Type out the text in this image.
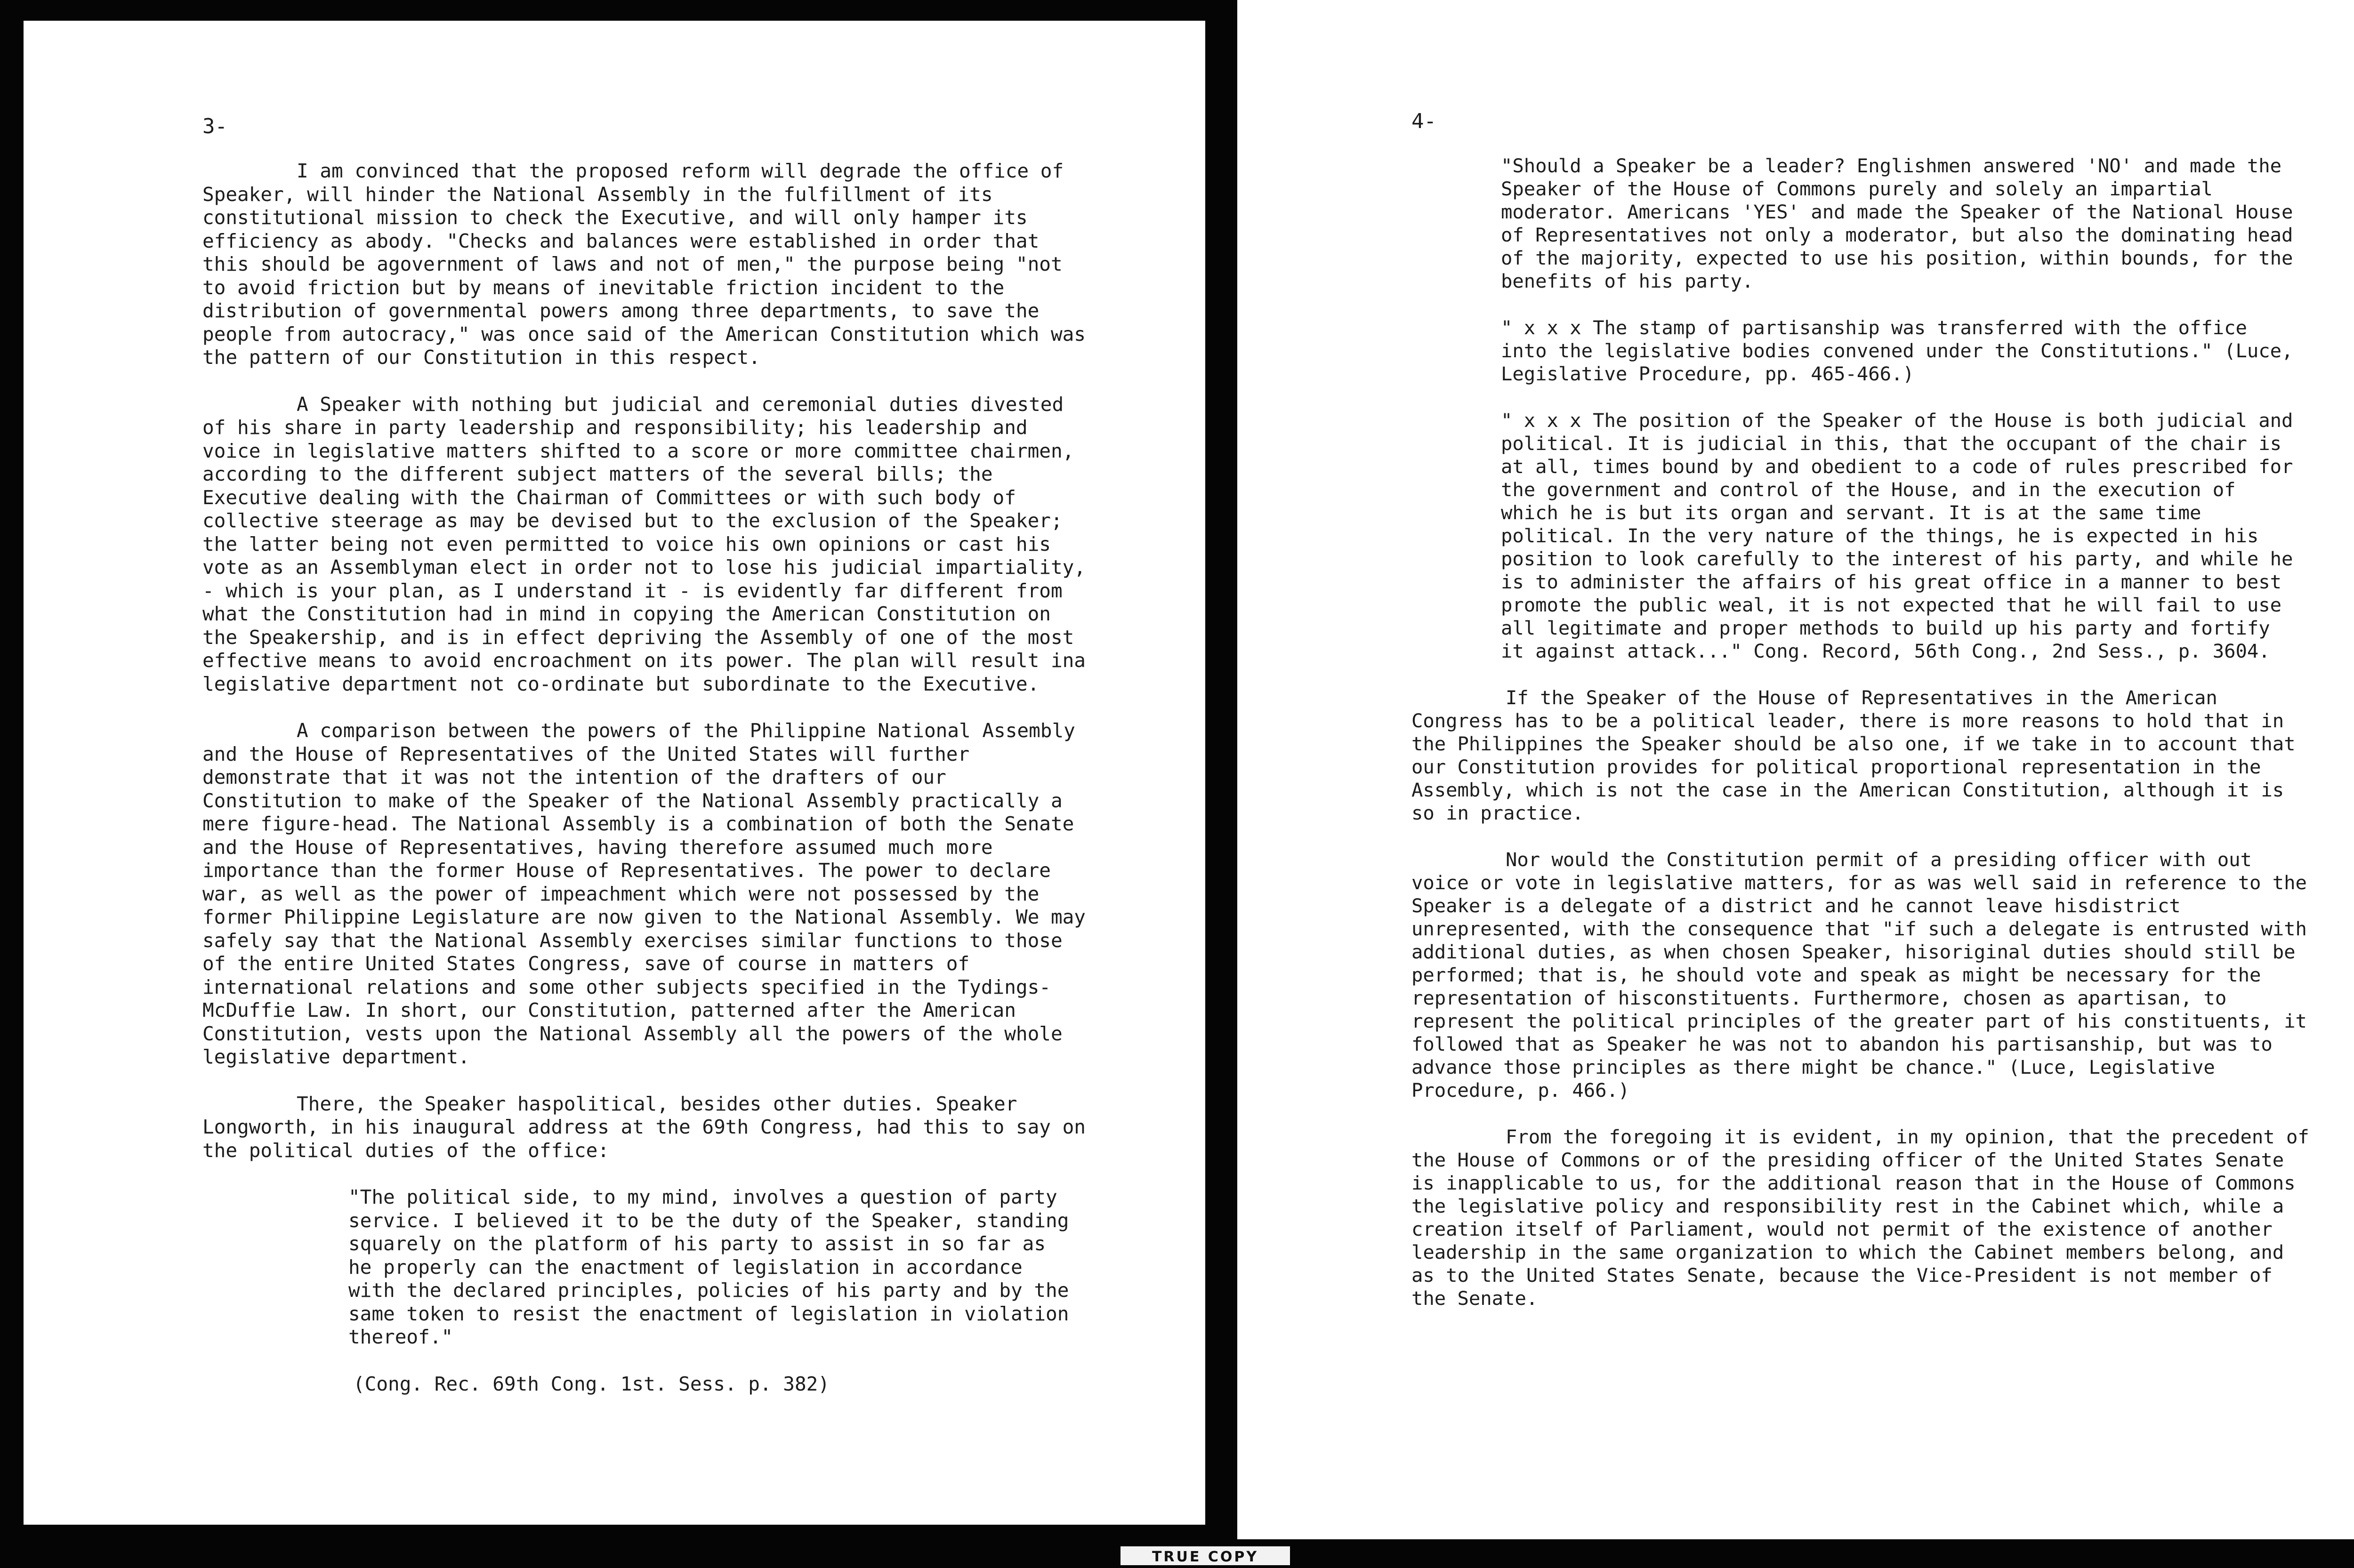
3-

I am convinced that the proposed reform will degrade the office of Speaker, will hinder the National Assembly in the fulfillment of its constitutional mission to check the Executive, and will only hamper its efficiency as abody. "Checks and balances were established in order that this should be agovernment of laws and not of men," the purpose being "not to avoid friction but by means of inevitable friction incident to the distribution of governmental powers among three departments, to save the people from autocracy," was once said of the American Constitution which was the pattern of our Constitution in this respect.

A Speaker with nothing but judicial and ceremonial duties divested of his share in party leadership and responsibility; his leadership and voice in legislative matters shifted to a score or more committee chairmen, according to the different subject matters of the several bills; the Executive dealing with the Chairman of Committees or with such body of collective steerage as may be devised but to the exclusion of the Speaker; the latter being not even permitted to voice his own opinions or cast his vote as an Assemblyman elect in order not to lose his judicial impartiality, - which is your plan, as I understand it - is evidently far different from what the Constitution had in mind in copying the American Constitution on the Speakership, and is in effect depriving the Assembly of one of the most effective means to avoid encroachment on its power. The plan will result ina legislative department not co-ordinate but subordinate to the Executive.

A comparison between the powers of the Philippine National Assembly and the House of Representatives of the United States will further demonstrate that it was not the intention of the drafters of our Constitution to make of the Speaker of the National Assembly practically a mere figure-head. The National Assembly is a combination of both the Senate and the House of Representatives, having therefore assumed much more importance than the former House of Representatives. The power to declare war, as well as the power of impeachment which were not possessed by the former Philippine Legislature are now given to the National Assembly. We may safely say that the National Assembly exercises similar functions to those of the entire United States Congress, save of course in matters of international relations and some other subjects specified in the Tydings-McDuffie Law. In short, our Constitution, patterned after the American Constitution, vests upon the National Assembly all the powers of the whole legislative department.

There, the Speaker haspolitical, besides other duties. Speaker Longworth, in his inaugural address at the 69th Congress, had this to say on the political duties of the office:

"The political side, to my mind, involves a question of party service. I believed it to be the duty of the Speaker, standing squarely on the platform of his party to assist in so far as he properly can the enactment of legislation in accordance with the declared principles, policies of his party and by the same token to resist the enactment of legislation in violation thereof."

(Cong. Rec. 69th Cong. 1st. Sess. p. 382)

4-

"Should a Speaker be a leader? Englishmen answered 'NO' and made the Speaker of the House of Commons purely and solely an impartial moderator. Americans 'YES' and made the Speaker of the National House of Representatives not only a moderator, but also the dominating head of the majority, expected to use his position, within bounds, for the benefits of his party.

" x x x The stamp of partisanship was transferred with the office into the legislative bodies convened under the Constitutions." (Luce, Legislative Procedure, pp. 465-466.)

" x x x The position of the Speaker of the House is both judicial and political. It is judicial in this, that the occupant of the chair is at all, times bound by and obedient to a code of rules prescribed for the government and control of the House, and in the execution of which he is but its organ and servant. It is at the same time political. In the very nature of the things, he is expected in his position to look carefully to the interest of his party, and while he is to administer the affairs of his great office in a manner to best promote the public weal, it is not expected that he will fail to use all legitimate and proper methods to build up his party and fortify it against attack..." Cong. Record, 56th Cong., 2nd Sess., p. 3604.

If the Speaker of the House of Representatives in the American Congress has to be a political leader, there is more reasons to hold that in the Philippines the Speaker should be also one, if we take in to account that our Constitution provides for political proportional representation in the Assembly, which is not the case in the American Constitution, although it is so in practice.

Nor would the Constitution permit of a presiding officer with out voice or vote in legislative matters, for as was well said in reference to the Speaker is a delegate of a district and he cannot leave hisdistrict unrepresented, with the consequence that "if such a delegate is entrusted with additional duties, as when chosen Speaker, hisoriginal duties should still be performed; that is, he should vote and speak as might be necessary for the representation of hisconstituents. Furthermore, chosen as apartisan, to represent the political principles of the greater part of his constituents, it followed that as Speaker he was not to abandon his partisanship, but was to advance those principles as there might be chance." (Luce, Legislative Procedure, p. 466.)

From the foregoing it is evident, in my opinion, that the precedent of the House of Commons or of the presiding officer of the United States Senate is inapplicable to us, for the additional reason that in the House of Commons the legislative policy and responsibility rest in the Cabinet which, while a creation itself of Parliament, would not permit of the existence of another leadership in the same organization to which the Cabinet members belong, and as to the United States Senate, because the Vice-President is not member of the Senate.

TRUE COPY
